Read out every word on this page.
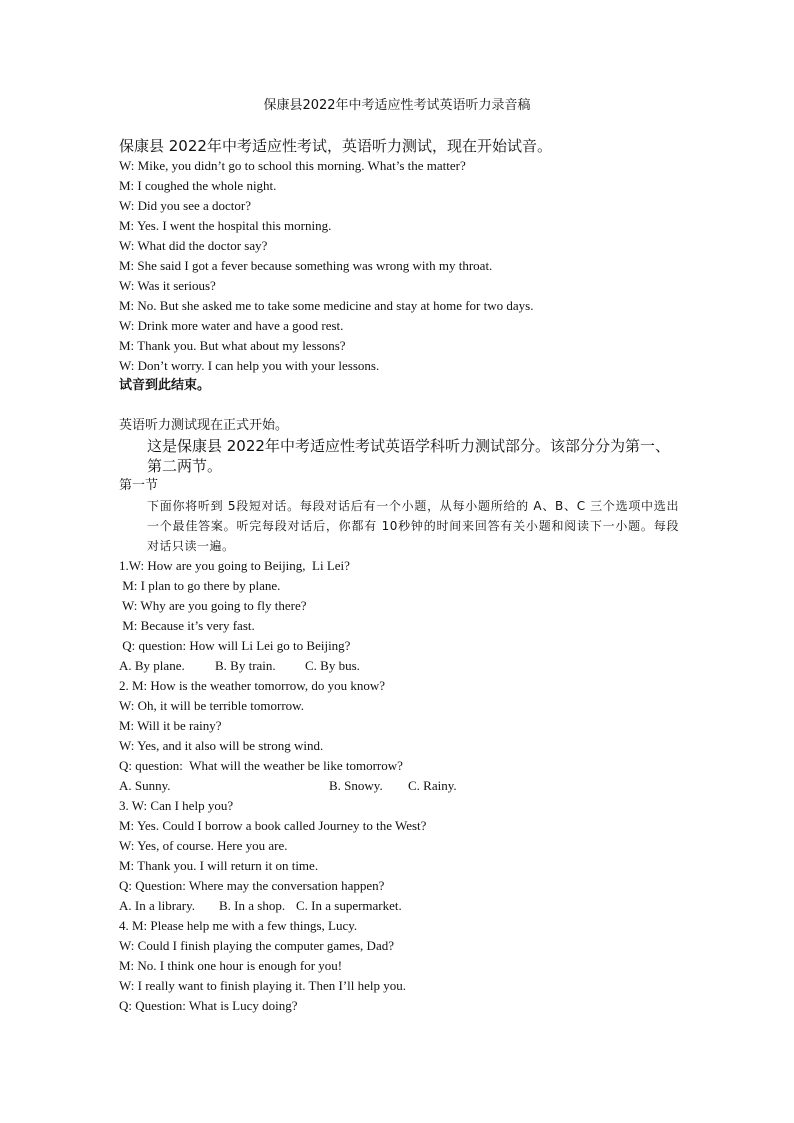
保康县2022年中考适应性考试英语听力录音稿

保康县 2022年中考适应性考试，英语听力测试，现在开始试音。

W: Mike, you didn’t go to school this morning. What’s the matter?

M: I coughed the whole night.

W: Did you see a doctor?

M: Yes. I went the hospital this morning.

W: What did the doctor say?

M: She said I got a fever because something was wrong with my throat.

W: Was it serious?

M: No. But she asked me to take some medicine and stay at home for two days.

W: Drink more water and have a good rest.

M: Thank you. But what about my lessons?

W: Don’t worry. I can help you with your lessons.

试音到此结束。

英语听力测试现在正式开始。

这是保康县 2022年中考适应性考试英语学科听力测试部分。该部分分为第一、第二两节。

第一节

下面你将听到 5段短对话。每段对话后有一个小题，从每小题所给的 A、B、C 三个选项中选出一个最佳答案。听完每段对话后，你都有 10秒钟的时间来回答有关小题和阅读下一小题。每段对话只读一遍。

1.W: How are you going to Beijing,  Li Lei?

M: I plan to go there by plane.

W: Why are you going to fly there?

M: Because it’s very fast.

Q: question: How will Li Lei go to Beijing?

A. By plane. B. By train. C. By bus.

2. M: How is the weather tomorrow, do you know?

W: Oh, it will be terrible tomorrow.

M: Will it be rainy?

W: Yes, and it also will be strong wind.

Q: question:  What will the weather be like tomorrow?

A. Sunny.	B. Snowy. C. Rainy.

3. W: Can I help you?

M: Yes. Could I borrow a book called Journey to the West?

W: Yes, of course. Here you are.

M: Thank you. I will return it on time.

Q: Question: Where may the conversation happen?

A. In a library. B. In a shop. C. In a supermarket.

4. M: Please help me with a few things, Lucy.

W: Could I finish playing the computer games, Dad?

M: No. I think one hour is enough for you!

W: I really want to finish playing it. Then I’ll help you.

Q: Question: What is Lucy doing?
